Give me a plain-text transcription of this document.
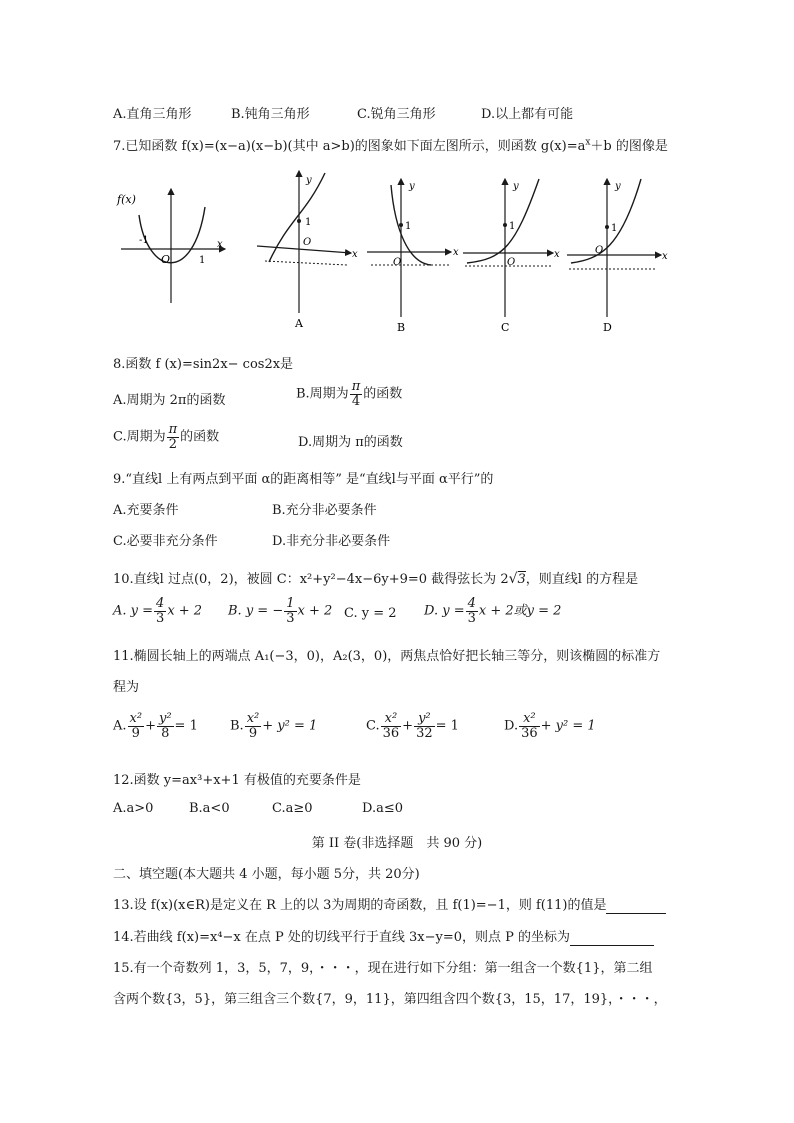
A.直角三角形	B.钝角三角形	C.锐角三角形	D.以上都有可能
7.已知函数 f(x)=(x−a)(x−b)(其中 a>b)的图象如下面左图所示，则函数 $g(x)=a^x+b$ 的图像是
f(x)
-1
O	1
x
y
1
O
x
A
y
1
O
x
B
y
1
O
x
C
y
1
O
x
D
8.函数 f (x)=sin2x− cos2x是
A.周期为 2π的函数	B.周期为 $\frac{\pi}{4}$ 的函数
C.周期为 $\frac{\pi}{2}$ 的函数	D.周期为 π的函数
9.“直线l 上有两点到平面 α的距离相等” 是“直线l与平面 α平行”的
A.充要条件	B.充分非必要条件
C.必要非充分条件	D.非充分非必要条件
10.直线l 过点(0，2)，被圆 C：x²+y²−4x−6y+9=0 截得弦长为 2√3，则直线l 的方程是
A. $y = \frac{4}{3}$ x + 2 B. y = − $\frac{1}{3}$ x + 2 C. y = 2 D. $y = \frac{4}{3}$ x + 2或y = 2
11.椭圆长轴上的两端点 A₁(−3，0)，A₂(3，0)，两焦点恰好把长轴三等分，则该椭圆的标准方
程为
A. $\frac{\text{x²}}{9} + \frac{\text{y²}}{8} = 1$ B. $\frac{\text{x²}}{9} + y^2 = 1$	C. $\frac{\text{x²}}{36} + \frac{\text{y²}}{32} = 1$	D. $\frac{\text{x²}}{36} + y^2 = 1$
12.函数 y=ax³+x+1 有极值的充要条件是
A.a>0	B.a<0	C.a≥0	D.a≤0
第 II 卷(非选择题　共 90 分)
二、填空题(本大题共 4 小题，每小题 5分，共 20分)
13.设 f(x)(x∈R)是定义在 R 上的以 3为周期的奇函数，且 f(1)=−1，则 f(11)的值是
14.若曲线 f(x)=x⁴−x 在点 P 处的切线平行于直线 3x−y=0，则点 P 的坐标为
15.有一个奇数列 1，3，5，7，9，・・・，现在进行如下分组：第一组含一个数{1}，第二组
含两个数{3，5}，第三组含三个数{7，9，11}，第四组含四个数{3，15，17，19}，・・・，
